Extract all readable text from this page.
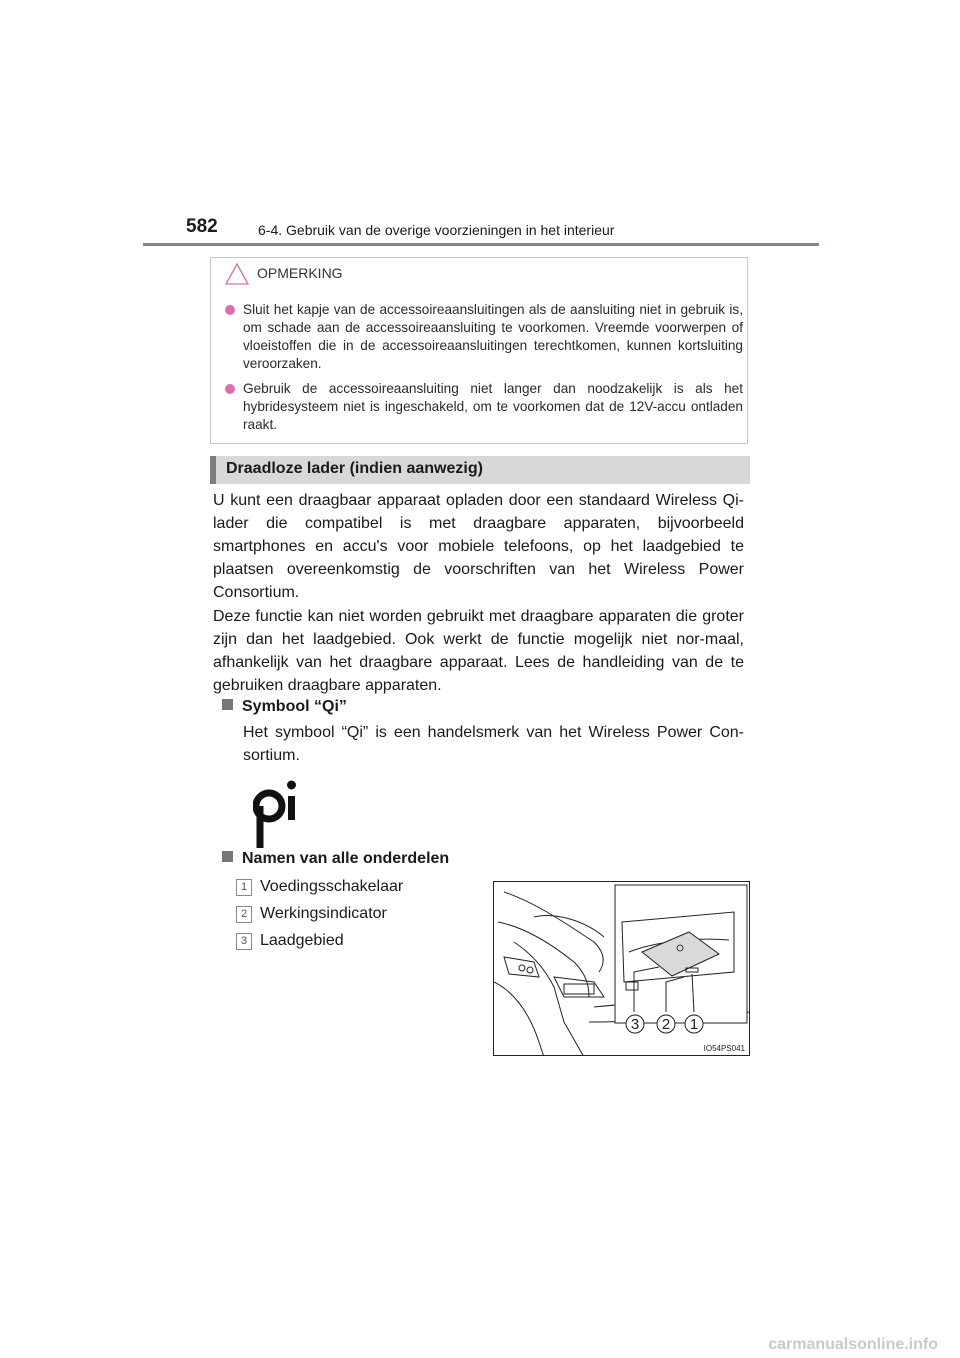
582	6-4. Gebruik van de overige voorzieningen in het interieur
OPMERKING
Sluit het kapje van de accessoireaansluitingen als de aansluiting niet in gebruik is, om schade aan de accessoireaansluiting te voorkomen. Vreemde voorwerpen of vloeistoffen die in de accessoireaansluitingen terechtkomen, kunnen kortsluiting veroorzaken.
Gebruik de accessoireaansluiting niet langer dan noodzakelijk is als het hybridesysteem niet is ingeschakeld, om te voorkomen dat de 12V-accu ontladen raakt.
Draadloze lader (indien aanwezig)
U kunt een draagbaar apparaat opladen door een standaard Wireless Qi-lader die compatibel is met draagbare apparaten, bijvoorbeeld smartphones en accu's voor mobiele telefoons, op het laadgebied te plaatsen overeenkomstig de voorschriften van het Wireless Power Consortium.
Deze functie kan niet worden gebruikt met draagbare apparaten die groter zijn dan het laadgebied. Ook werkt de functie mogelijk niet nor-maal, afhankelijk van het draagbare apparaat. Lees de handleiding van de te gebruiken draagbare apparaten.
Symbool “Qi”
Het symbool “Qi” is een handelsmerk van het Wireless Power Con-sortium.
Namen van alle onderdelen
1 Voedingsschakelaar
2 Werkingsindicator
3 Laadgebied
3 2 1
IO54PS041
carmanualsonline.info
